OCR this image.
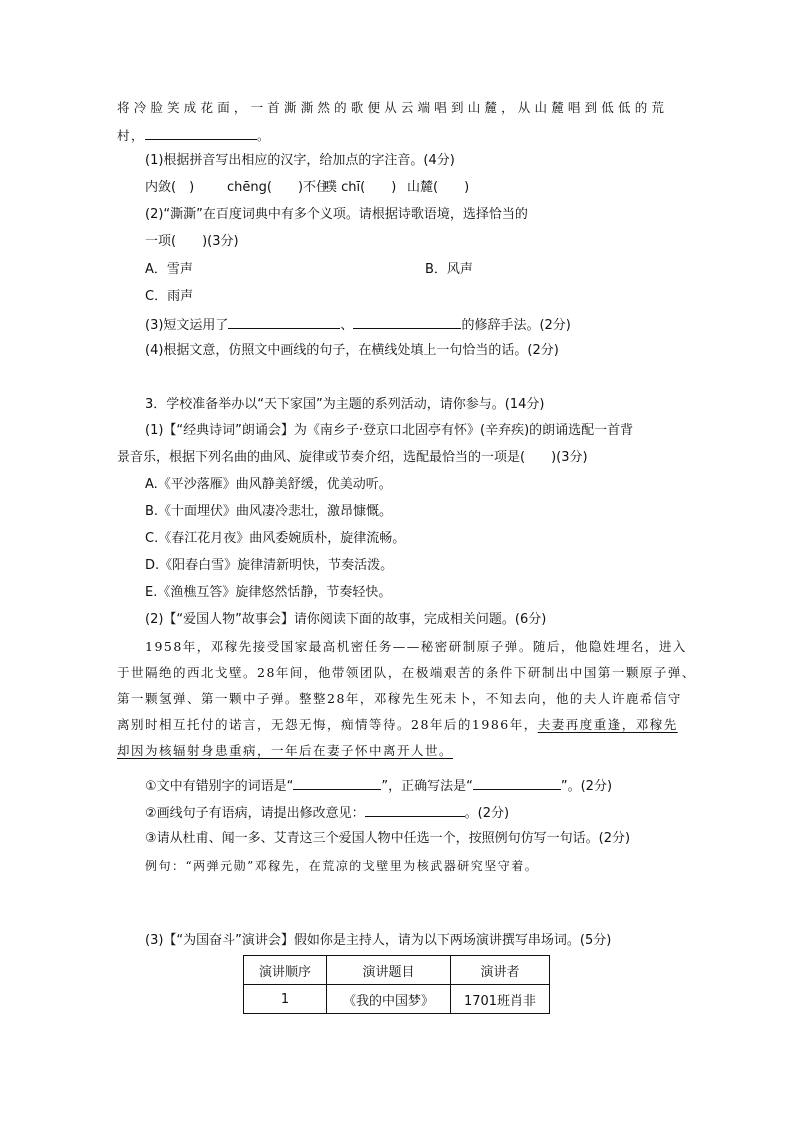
将冷脸笑成花面，一首澌澌然的歌便从云端唱到山麓，从山麓唱到低低的荒
村，	。
(1)根据拼音写出相应的汉字，给加点的字注音。(4分)
内敛(　)	chēng(　　)不住噗 chī(　　) 山麓(　　)
(2)“澌澌”在百度词典中有多个义项。请根据诗歌语境，选择恰当的
一项(　　)(3分)
A．雪声	B．风声
C．雨声
(3)短文运用了	、	的修辞手法。(2分)
(4)根据文意，仿照文中画线的句子，在横线处填上一句恰当的话。(2分)
3．学校准备举办以“天下家国”为主题的系列活动，请你参与。(14分)
(1)【“经典诗词”朗诵会】为《南乡子·登京口北固亭有怀》(辛弃疾)的朗诵选配一首背
景音乐，根据下列名曲的曲风、旋律或节奏介绍，选配最恰当的一项是(　　)(3分)
A.《平沙落雁》曲风静美舒缓，优美动听。
B.《十面埋伏》曲风凄冷悲壮，激昂慷慨。
C.《春江花月夜》曲风委婉质朴，旋律流畅。
D.《阳春白雪》旋律清新明快，节奏活泼。
E.《渔樵互答》旋律悠然恬静，节奏轻快。
(2)【“爱国人物”故事会】请你阅读下面的故事，完成相关问题。(6分)
1958年，邓稼先接受国家最高机密任务——秘密研制原子弹。随后，他隐姓埋名，进入
于世隔绝的西北戈壁。28年间，他带领团队，在极端艰苦的条件下研制出中国第一颗原子弹、
第一颗氢弹、第一颗中子弹。整整28年，邓稼先生死未卜，不知去向，他的夫人许鹿希信守
离别时相互托付的诺言，无怨无悔，痴情等待。28年后的1986年，夫妻再度重逢，邓稼先
却因为核辐射身患重病，一年后在妻子怀中离开人世。
①文中有错别字的词语是“	”，正确写法是“	”。(2分)
②画线句子有语病，请提出修改意见：	。(2分)
③请从杜甫、闻一多、艾青这三个爱国人物中任选一个，按照例句仿写一句话。(2分)
例句：“两弹元勋”邓稼先，在荒凉的戈壁里为核武器研究坚守着。
(3)【“为国奋斗”演讲会】假如你是主持人，请为以下两场演讲撰写串场词。(5分)
演讲顺序	演讲题目	演讲者
1	《我的中国梦》	1701班肖非
